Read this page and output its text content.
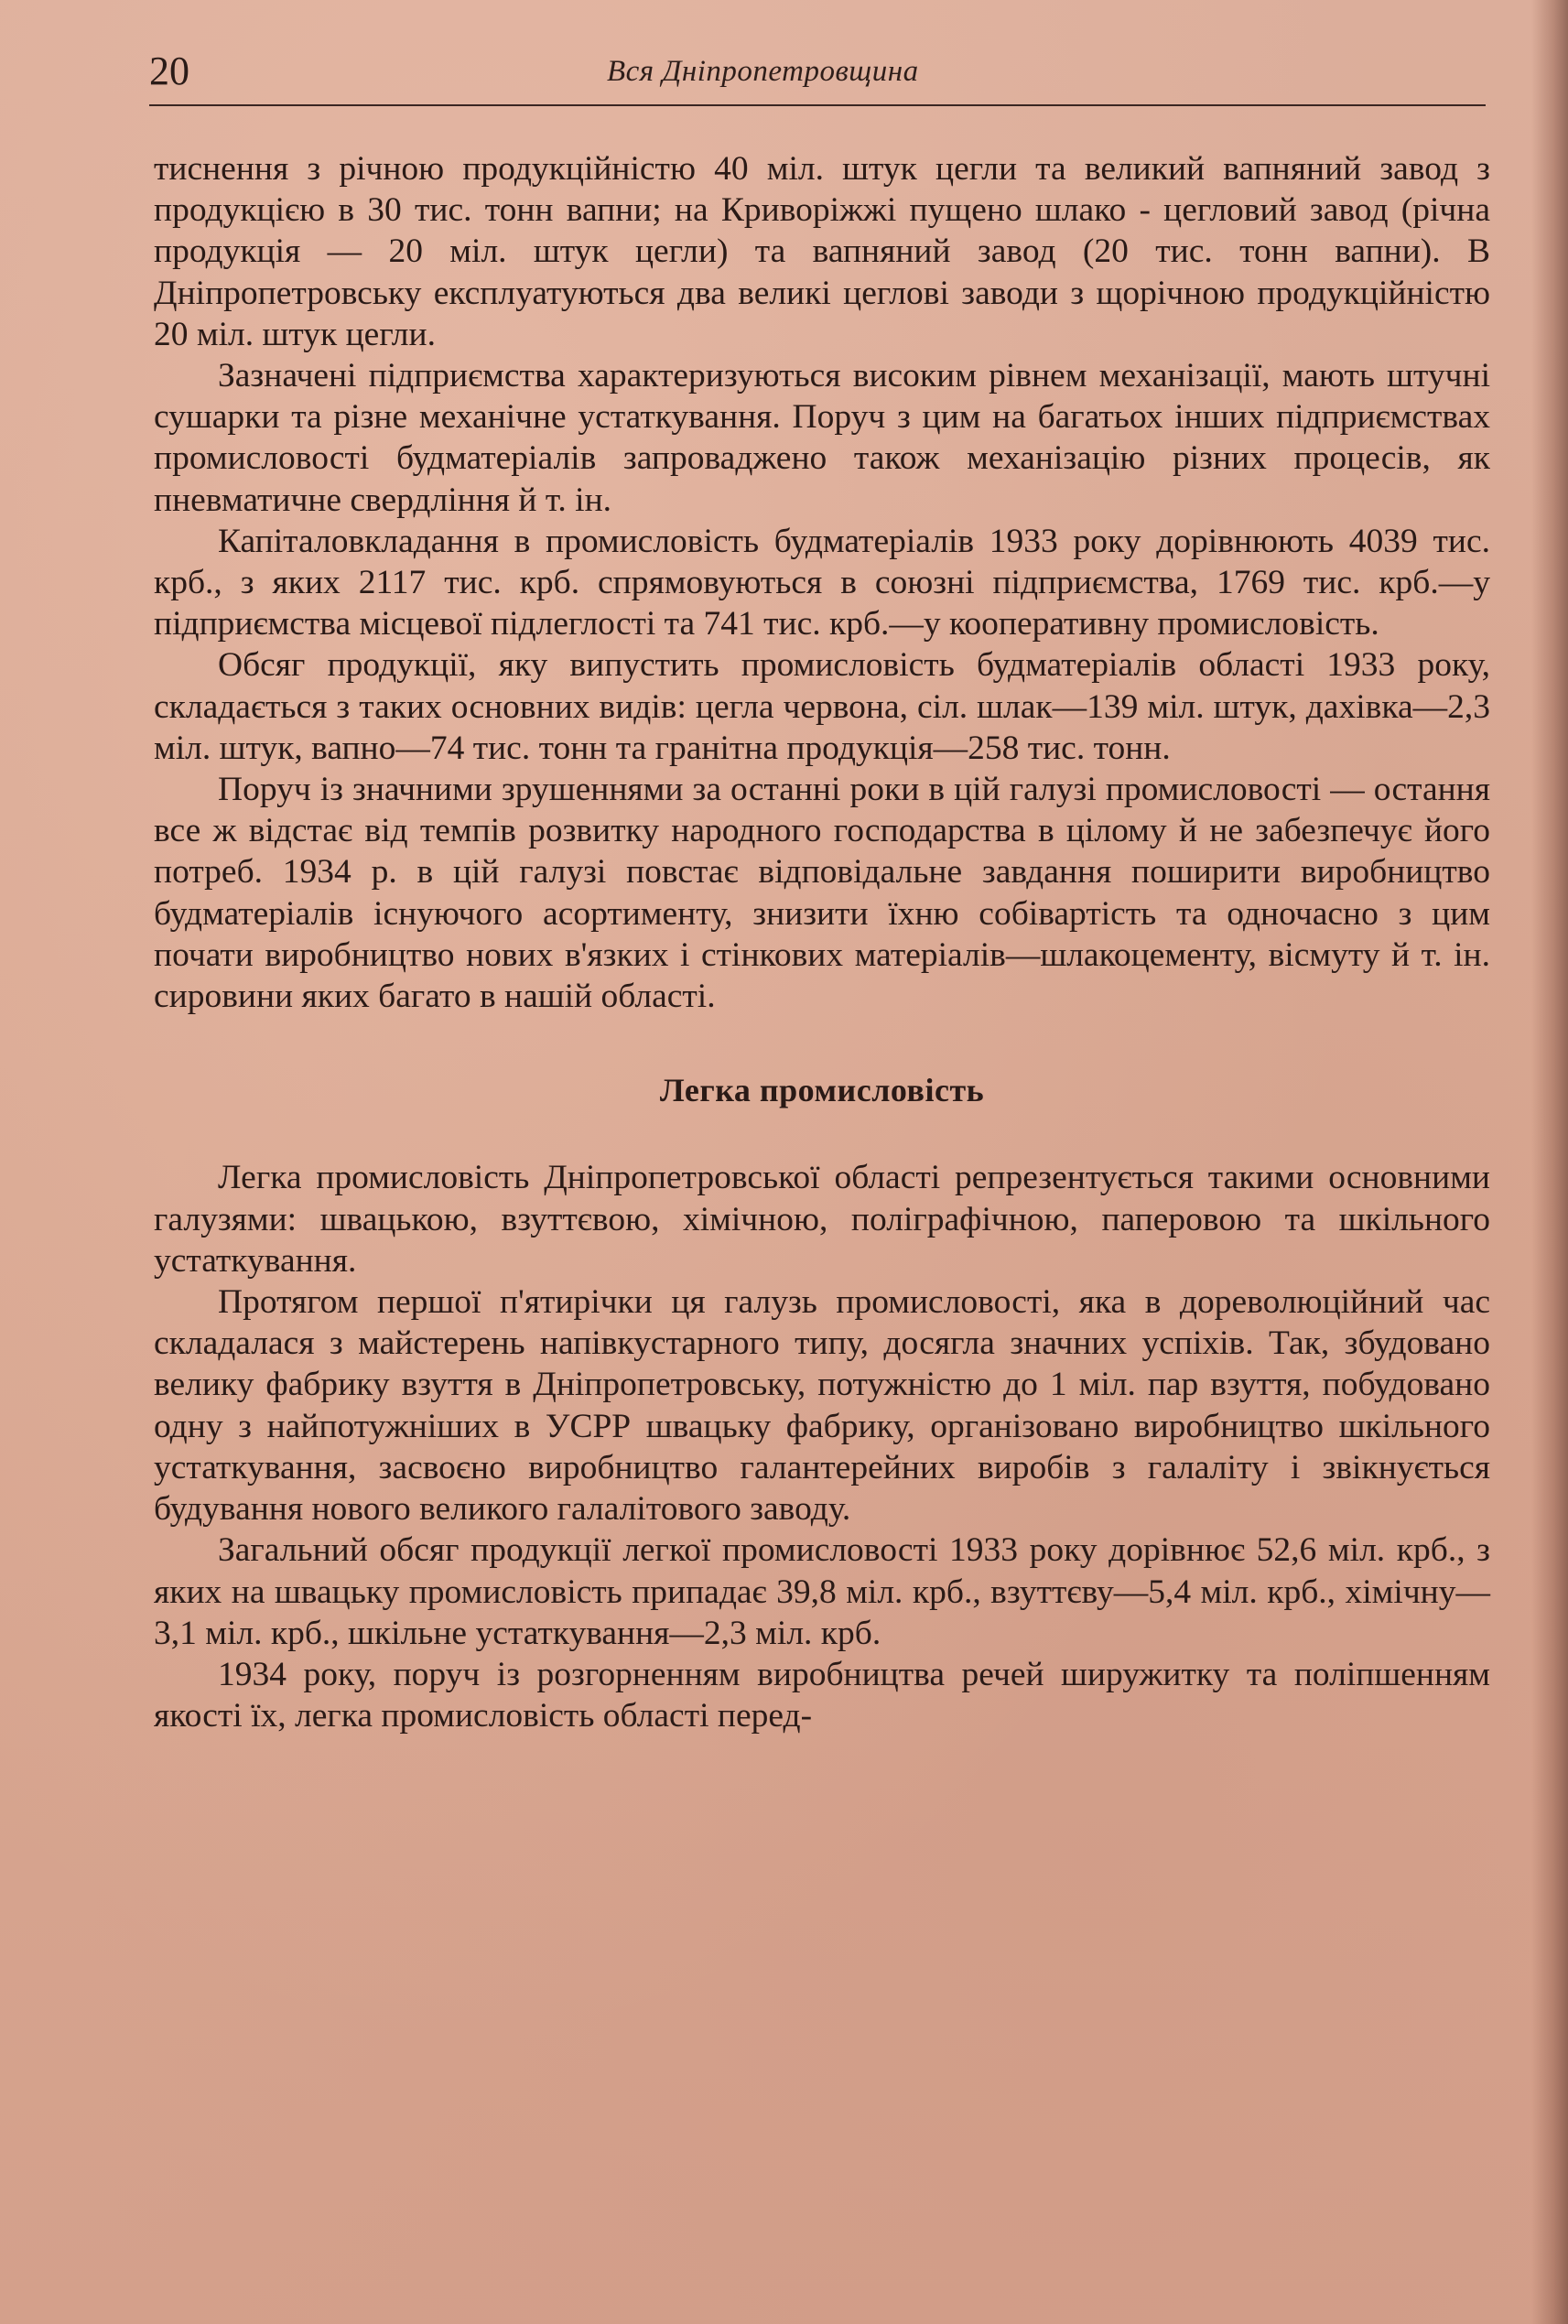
20	Вся Дніпропетровщина

тиснення з річною продукційністю 40 міл. штук цегли та великий вапняний завод з продукцією в 30 тис. тонн вапни; на Криворіжжі пущено шлако - цегловий завод (річна продукція — 20 міл. штук цегли) та вапняний завод (20 тис. тонн вапни). В Дніпропетровську експлуатуються два великі цеглові заводи з щорічною продукційністю 20 міл. штук цегли.

Зазначені підприємства характеризуються високим рівнем механізації, мають штучні сушарки та різне механічне устаткування. Поруч з цим на багатьох інших підприємствах промисловості будматеріалів запроваджено також механізацію різних процесів, як пневматичне свердління й т. ін.

Капіталовкладання в промисловість будматеріалів 1933 року дорівнюють 4039 тис. крб., з яких 2117 тис. крб. спрямовуються в союзні підприємства, 1769 тис. крб.—у підприємства місцевої підлеглості та 741 тис. крб.—у кооперативну промисловість.

Обсяг продукції, яку випустить промисловість будматеріалів області 1933 року, складається з таких основних видів: цегла червона, сіл. шлак—139 міл. штук, дахівка—2,3 міл. штук, вапно—74 тис. тонн та гранітна продукція—258 тис. тонн.

Поруч із значними зрушеннями за останні роки в цій галузі промисловості — остання все ж відстає від темпів розвитку народного господарства в цілому й не забезпечує його потреб. 1934 р. в цій галузі повстає відповідальне завдання поширити виробництво будматеріалів існуючого асортименту, знизити їхню собівартість та одночасно з цим почати виробництво нових в'язких і стінкових матеріалів—шлакоцементу, вісмуту й т. ін. сировини яких багато в нашій області.

Легка промисловість

Легка промисловість Дніпропетровської області репрезентується такими основними галузями: швацькою, взуттєвою, хімічною, поліграфічною, паперовою та шкільного устаткування.

Протягом першої п'ятирічки ця галузь промисловості, яка в дореволюційний час складалася з майстерень напівкустарного типу, досягла значних успіхів. Так, збудовано велику фабрику взуття в Дніпропетровську, потужністю до 1 міл. пар взуття, побудовано одну з найпотужніших в УСРР швацьку фабрику, організовано виробництво шкільного устаткування, засвоєно виробництво галантерейних виробів з галаліту і звікнується будування нового великого галалітового заводу.

Загальний обсяг продукції легкої промисловості 1933 року дорівнює 52,6 міл. крб., з яких на швацьку промисловість припадає 39,8 міл. крб., взуттєву—5,4 міл. крб., хімічну—3,1 міл. крб., шкільне устаткування—2,3 міл. крб.

1934 року, поруч із розгорненням виробництва речей ширужитку та поліпшенням якості їх, легка промисловість області перед-
